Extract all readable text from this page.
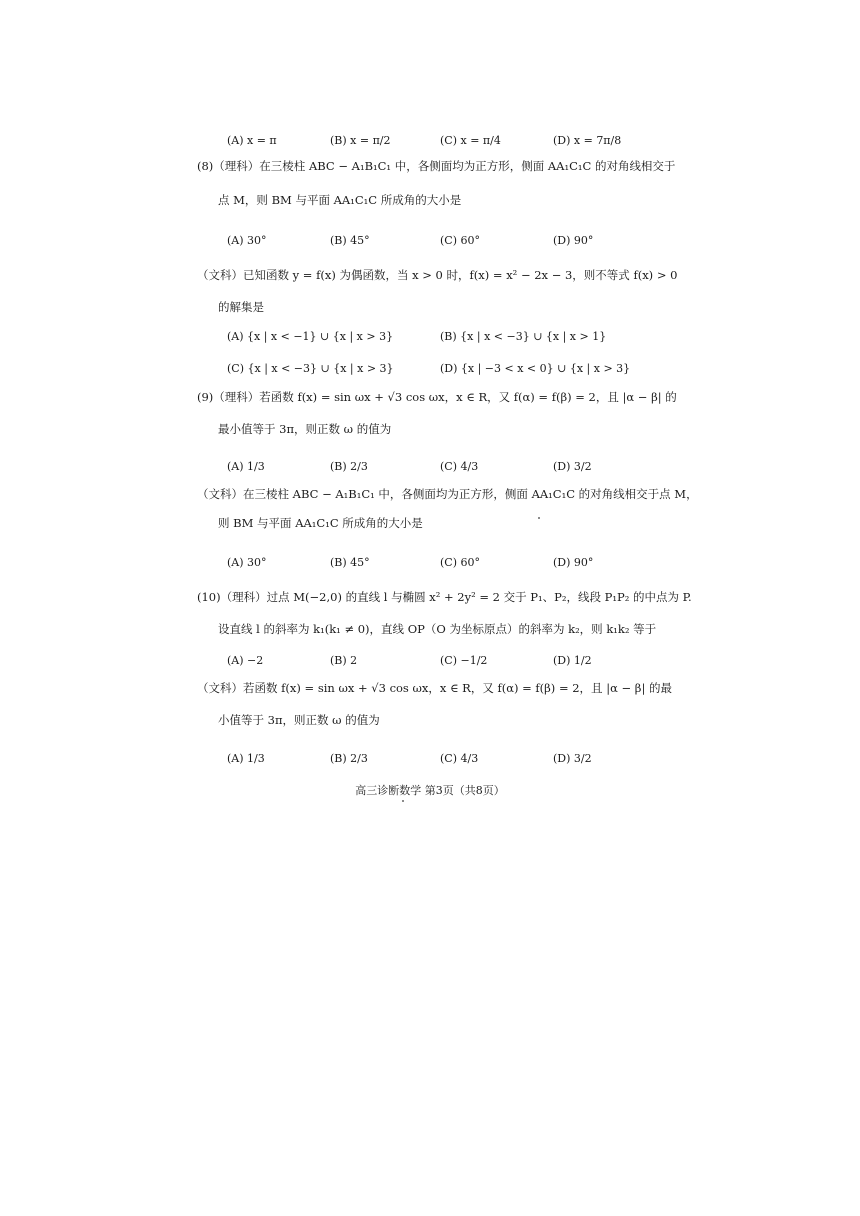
(A) x = π	(B) x = π/2	(C) x = π/4	(D) x = 7π/8
(8)（理科）在三棱柱 ABC − A₁B₁C₁ 中，各侧面均为正方形，侧面 AA₁C₁C 的对角线相交于
点 M，则 BM 与平面 AA₁C₁C 所成角的大小是
(A) 30°	(B) 45°	(C) 60°	(D) 90°
（文科）已知函数 y = f(x) 为偶函数，当 x > 0 时，f(x) = x² − 2x − 3，则不等式 f(x) > 0
的解集是
(A) {x | x < −1} ∪ {x | x > 3}	(B) {x | x < −3} ∪ {x | x > 1}
(C) {x | x < −3} ∪ {x | x > 3}	(D) {x | −3 < x < 0} ∪ {x | x > 3}
(9)（理科）若函数 f(x) = sin ωx + √3 cos ωx，x ∈ R，又 f(α) = f(β) = 2，且 |α − β| 的
最小值等于 3π，则正数 ω 的值为
(A) 1/3	(B) 2/3	(C) 4/3	(D) 3/2
（文科）在三棱柱 ABC − A₁B₁C₁ 中，各侧面均为正方形，侧面 AA₁C₁C 的对角线相交于点 M，
则 BM 与平面 AA₁C₁C 所成角的大小是
(A) 30°	(B) 45°	(C) 60°	(D) 90°
(10)（理科）过点 M(−2,0) 的直线 l 与椭圆 x² + 2y² = 2 交于 P₁、P₂，线段 P₁P₂ 的中点为 P.
设直线 l 的斜率为 k₁(k₁ ≠ 0)，直线 OP（O 为坐标原点）的斜率为 k₂，则 k₁k₂ 等于
(A) −2	(B) 2	(C) −1/2	(D) 1/2
（文科）若函数 f(x) = sin ωx + √3 cos ωx，x ∈ R，又 f(α) = f(β) = 2，且 |α − β| 的最
小值等于 3π，则正数 ω 的值为
(A) 1/3	(B) 2/3	(C) 4/3	(D) 3/2
高三诊断数学 第3页（共8页）
